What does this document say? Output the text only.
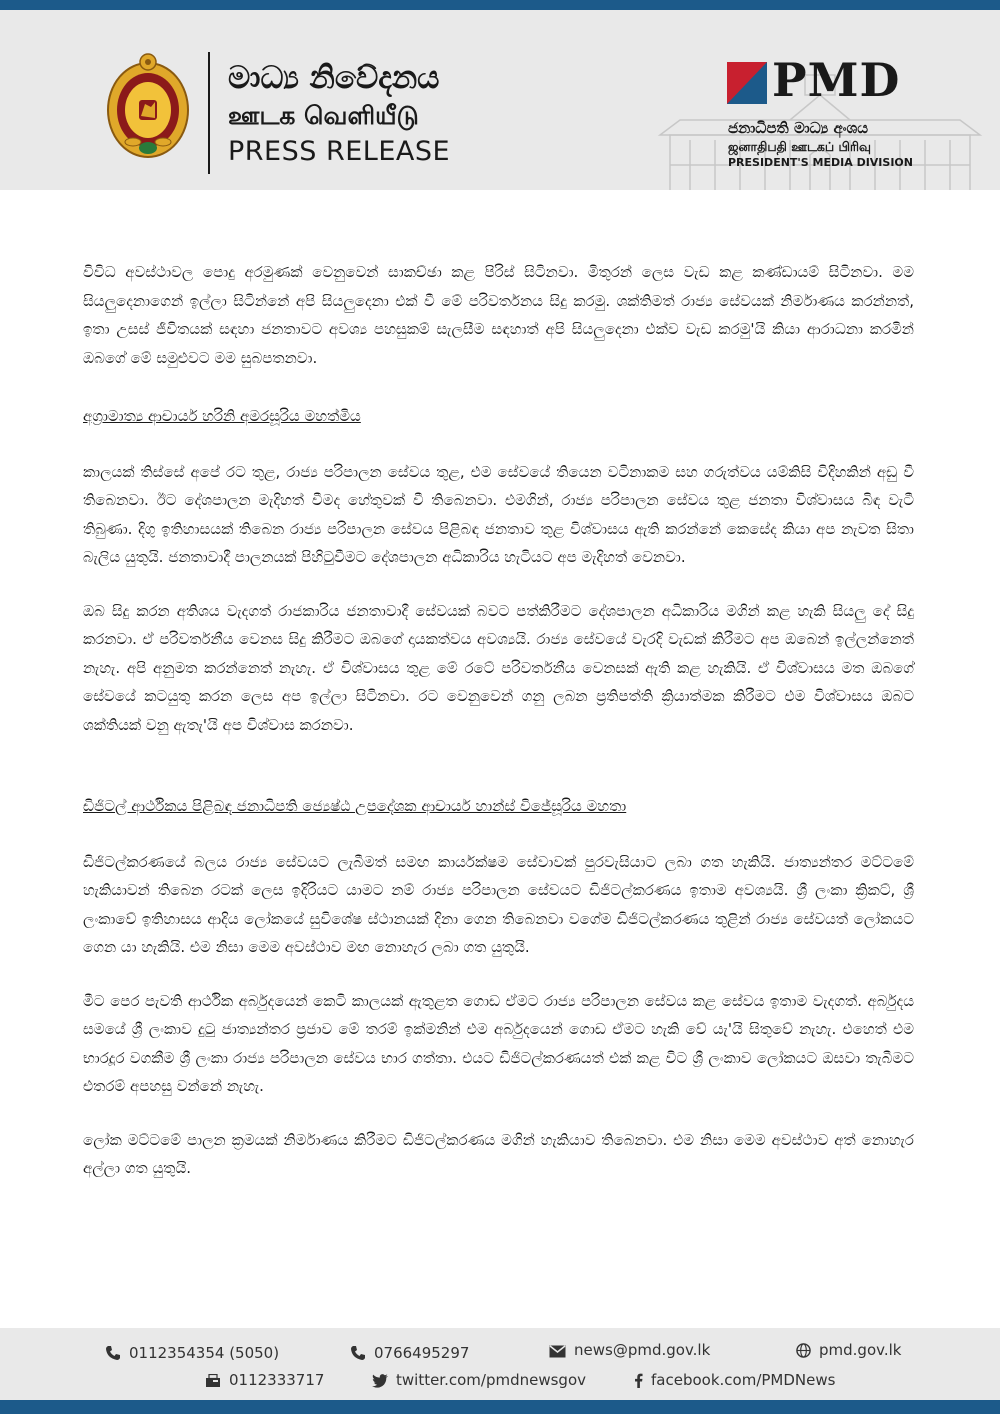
මාධ්‍ය නිවේදනය
ஊடக வெளியீடு
PRESS RELEASE
PMD
ජනාධිපති මාධ්‍ය අංශය
ஜனாதிபதி ஊடகப் பிரிவு
PRESIDENT'S MEDIA DIVISION

විවිධ අවස්ථාවල පොදු අරමුණක් වෙනුවෙන් සාකච්ඡා කළ පිරිස් සිටිනවා. මිතුරන් ලෙස වැඩ කළ කණ්ඩායම් සිටිනවා. මම සියලුදෙනාගෙන් ඉල්ලා සිටින්නේ අපි සියලුදෙනා එක් වී මේ පරිවර්තනය සිදු කරමු. ශක්තිමත් රාජ්‍ය සේවයක් නිර්මාණය කරන්නත්, ඉතා උසස් ජීවිතයක් සඳහා ජනතාවට අවශ්‍ය පහසුකම් සැලසීම සඳහාත් අපි සියලුදෙනා එක්ව වැඩ කරමු'යි කියා ආරාධනා කරමින් ඔබගේ මේ සමුළුවට මම සුබපතනවා.

අග්‍රාමාත්‍ය ආචාර්ය හරිනි අමරසූරිය මහත්මිය

කාලයක් තිස්සේ අපේ රට තුළ, රාජ්‍ය පරිපාලන සේවය තුළ, එම සේවයේ තියෙන වටිනාකම සහ ගරුත්වය යම්කිසි විදිහකින් අඩු වී තිබෙනවා. ඊට දේශපාලන මැදිහත් වීමද හේතුවක් වී තිබෙනවා. එමගින්, රාජ්‍ය පරිපාලන සේවය තුළ ජනතා විශ්වාසය බිඳ වැටී තිබුණා. දිගු ඉතිහාසයක් තිබෙන රාජ්‍ය පරිපාලන සේවය පිළිබඳ ජනතාව තුළ විශ්වාසය ඇති කරන්නේ කෙසේද කියා අප නැවත සිතා බැලිය යුතුයි. ජනතාවාදී පාලනයක් පිහිටුවීමට දේශපාලන අධිකාරිය හැටියට අප මැදිහත් වෙනවා.

ඔබ සිදු කරන අතිශය වැදගත් රාජකාරිය ජනතාවාදී සේවයක් බවට පත්කිරීමට දේශපාලන අධිකාරිය මගින් කළ හැකි සියලු දේ සිදු කරනවා. ඒ පරිවර්තනීය වෙනස සිදු කිරීමට ඔබගේ දායකත්වය අවශ්‍යයි. රාජ්‍ය සේවයේ වැරදි වැඩක් කිරීමට අප ඔබෙන් ඉල්ලන්නෙත් නැහැ. අපි අනුමත කරන්නෙත් නැහැ. ඒ විශ්වාසය තුළ මේ රටේ පරිවර්තනීය වෙනසක් ඇති කළ හැකියි. ඒ විශ්වාසය මත ඔබගේ සේවයේ කටයුතු කරන ලෙස අප ඉල්ලා සිටිනවා. රට වෙනුවෙන් ගනු ලබන ප්‍රතිපත්ති ක්‍රියාත්මක කිරීමට එම විශ්වාසය ඔබට ශක්තියක් වනු ඇතැ'යි අප විශ්වාස කරනවා.

ඩිජිටල් ආර්ථිකය පිළිබඳ ජනාධිපති ජ්‍යෙෂ්ඨ උපදේශක ආචාර්ය හාන්ස් විජේසූරිය මහතා

ඩිජිටල්කරණයේ බලය රාජ්‍ය සේවයට ලැබීමත් සමඟ කාර්යක්ෂම සේවාවක් පුරවැසියාට ලබා ගත හැකියි. ජාත්‍යන්තර මට්ටමේ හැකියාවන් තිබෙන රටක් ලෙස ඉදිරියට යාමට නම් රාජ්‍ය පරිපාලන සේවයට ඩිජිටල්කරණය ඉතාම අවශ්‍යයි. ශ්‍රී ලංකා ක්‍රිකට්, ශ්‍රී ලංකාවේ ඉතිහාසය ආදිය ලෝකයේ සුවිශේෂ ස්ථානයක් දිනා ගෙන තිබෙනවා වගේම ඩිජිටල්කරණය තුළින් රාජ්‍ය සේවයත් ලෝකයට ගෙන යා හැකියි. එම නිසා මෙම අවස්ථාව මඟ නොහැර ලබා ගත යුතුයි.

මීට පෙර පැවති ආර්ථික අර්බුදයෙන් කෙටි කාලයක් ඇතුළත ගොඩ ඒමට රාජ්‍ය පරිපාලන සේවය කළ සේවය ඉතාම වැදගත්. අර්බුදය සමයේ ශ්‍රී ලංකාව දුටු ජාත්‍යන්තර ප්‍රජාව මේ තරම් ඉක්මනින් එම අර්බුදයෙන් ගොඩ ඒමට හැකි වේ යැ'යි සිතුවේ නැහැ. එහෙත් එම භාරදූර වගකීම ශ්‍රී ලංකා රාජ්‍ය පරිපාලන සේවය භාර ගත්තා. එයට ඩිජිටල්කරණයත් එක් කළ විට ශ්‍රී ලංකාව ලෝකයට ඔසවා තැබීමට එතරම් අපහසු වන්නේ නැහැ.

ලෝක මට්ටමේ පාලන ක්‍රමයක් නිර්මාණය කිරීමට ඩිජිටල්කරණය මගින් හැකියාව තිබෙනවා. එම නිසා මෙම අවස්ථාව අත් නොහැර අල්ලා ගත යුතුයි.

0112354354 (5050)	0766495297	news@pmd.gov.lk	pmd.gov.lk
0112333717	twitter.com/pmdnewsgov	facebook.com/PMDNews
